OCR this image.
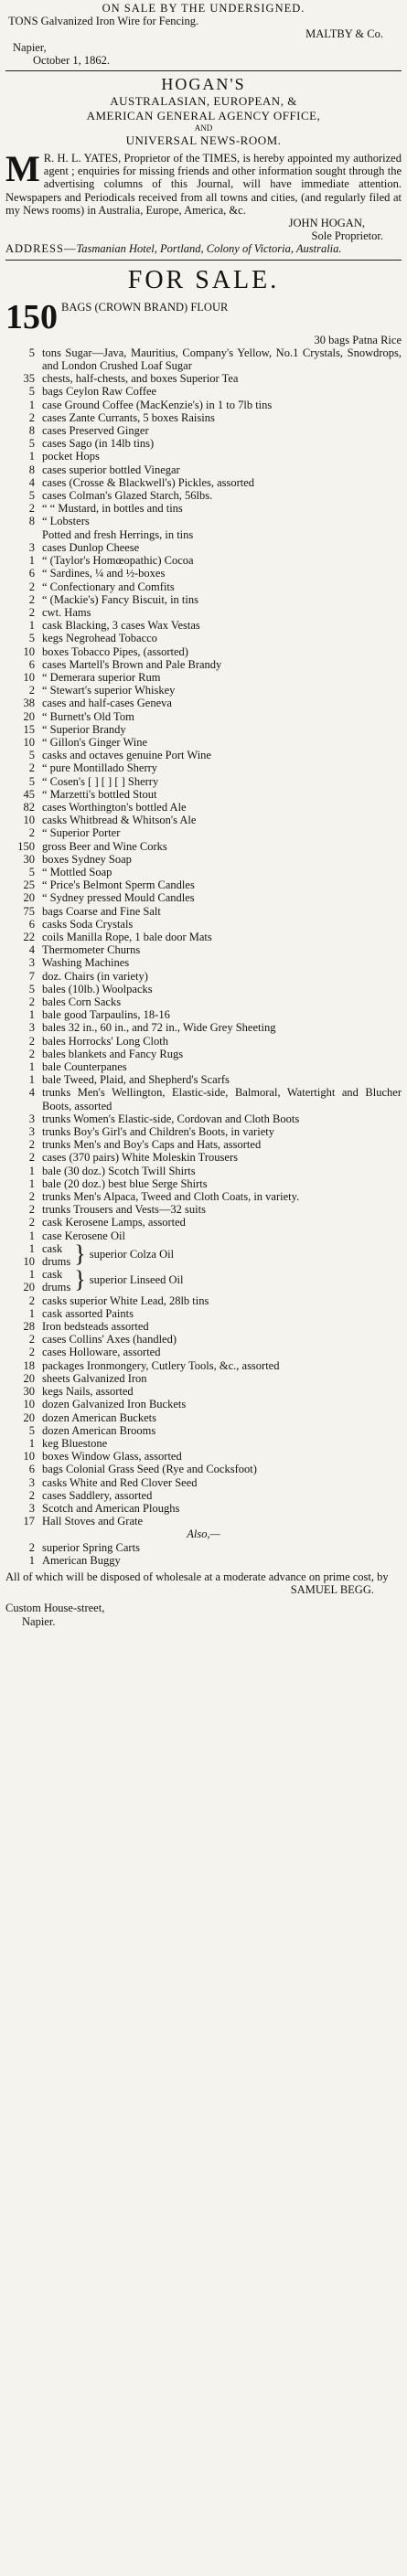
ON SALE BY THE UNDERSIGNED.
TONS Galvanized Iron Wire for Fencing.
MALTBY & Co.
Napier,
October 1, 1862.
HOGAN'S
AUSTRALASIAN, EUROPEAN, &
AMERICAN GENERAL AGENCY OFFICE,
AND
UNIVERSAL NEWS-ROOM.
M R. H. L. YATES, Proprietor of the TIMES, is hereby appointed my authorized agent ; enquiries for missing friends and other information sought through the advertising columns of this Journal, will have immediate attention. Newspapers and Periodicals received from all towns and cities, (and regularly filed at my News rooms) in Australia, Europe, America, &c.
JOHN HOGAN,
Sole Proprietor.
ADDRESS—Tasmanian Hotel, Portland, Colony of Victoria, Australia.
FOR SALE.
150 BAGS (CROWN BRAND) FLOUR
30 bags Patna Rice
5 tons Sugar—Java, Mauritius, Company's Yellow, No.1 Crystals, Snowdrops, and London Crushed Loaf Sugar
35 chests, half-chests, and boxes Superior Tea
5 bags Ceylon Raw Coffee
1 case Ground Coffee (MacKenzie's) in 1 to 7lb tins
2 cases Zante Currants, 5 boxes Raisins
8 cases Preserved Ginger
5 cases Sago (in 14lb tins)
1 pocket Hops
8 cases superior bottled Vinegar
4 cases (Crosse & Blackwell's) Pickles, assorted
5 cases Colman's Glazed Starch, 56lbs.
2 “ “ Mustard, in bottles and tins
8 “ Lobsters
Potted and fresh Herrings, in tins
3 cases Dunlop Cheese
1 “ (Taylor's Homœopathic) Cocoa
6 “ Sardines, ¼ and ½-boxes
2 “ Confectionary and Comfits
2 “ (Mackie's) Fancy Biscuit, in tins
2 cwt. Hams
1 cask Blacking, 3 cases Wax Vestas
5 kegs Negrohead Tobacco
10 boxes Tobacco Pipes, (assorted)
6 cases Martell's Brown and Pale Brandy
10 “ Demerara superior Rum
2 “ Stewart's superior Whiskey
38 cases and half-cases Geneva
20 “ Burnett's Old Tom
15 “ Superior Brandy
10 “ Gillon's Ginger Wine
5 casks and octaves genuine Port Wine
2 “ pure Montillado Sherry
5 “ Cosen's [ ] [ ] [ ] Sherry
45 “ Marzetti's bottled Stout
82 cases Worthington's bottled Ale
10 casks Whitbread & Whitson's Ale
2 “ Superior Porter
150 gross Beer and Wine Corks
30 boxes Sydney Soap
5 “ Mottled Soap
25 “ Price's Belmont Sperm Candles
20 “ Sydney pressed Mould Candles
75 bags Coarse and Fine Salt
6 casks Soda Crystals
22 coils Manilla Rope, 1 bale door Mats
4 Thermometer Churns
3 Washing Machines
7 doz. Chairs (in variety)
5 bales (10lb.) Woolpacks
2 bales Corn Sacks
1 bale good Tarpaulins, 18-16
3 bales 32 in., 60 in., and 72 in., Wide Grey Sheeting
2 bales Horrocks' Long Cloth
2 bales blankets and Fancy Rugs
1 bale Counterpanes
1 bale Tweed, Plaid, and Shepherd's Scarfs
4 trunks Men's Wellington, Elastic-side, Balmoral, Watertight and Blucher Boots, assorted
3 trunks Women's Elastic-side, Cordovan and Cloth Boots
3 trunks Boy's Girl's and Children's Boots, in variety
2 trunks Men's and Boy's Caps and Hats, assorted
2 cases (370 pairs) White Moleskin Trousers
1 bale (30 doz.) Scotch Twill Shirts
1 bale (20 doz.) best blue Serge Shirts
2 trunks Men's Alpaca, Tweed and Cloth Coats, in variety.
2 trunks Trousers and Vests—32 suits
2 cask Kerosene Lamps, assorted
1 case Kerosene Oil
1
10
cask
drums } superior Colza Oil
1
20
cask
drums } superior Linseed Oil
2 casks superior White Lead, 28lb tins
1 cask assorted Paints
28 Iron bedsteads assorted
2 cases Collins' Axes (handled)
2 cases Holloware, assorted
18 packages Ironmongery, Cutlery Tools, &c., assorted
20 sheets Galvanized Iron
30 kegs Nails, assorted
10 dozen Galvanized Iron Buckets
20 dozen American Buckets
5 dozen American Brooms
1 keg Bluestone
10 boxes Window Glass, assorted
6 bags Colonial Grass Seed (Rye and Cocksfoot)
3 casks White and Red Clover Seed
2 cases Saddlery, assorted
3 Scotch and American Ploughs
17 Hall Stoves and Grate
Also,—
2 superior Spring Carts
1 American Buggy
All of which will be disposed of wholesale at a moderate advance on prime cost, by
SAMUEL BEGG.
Custom House-street,
Napier.
